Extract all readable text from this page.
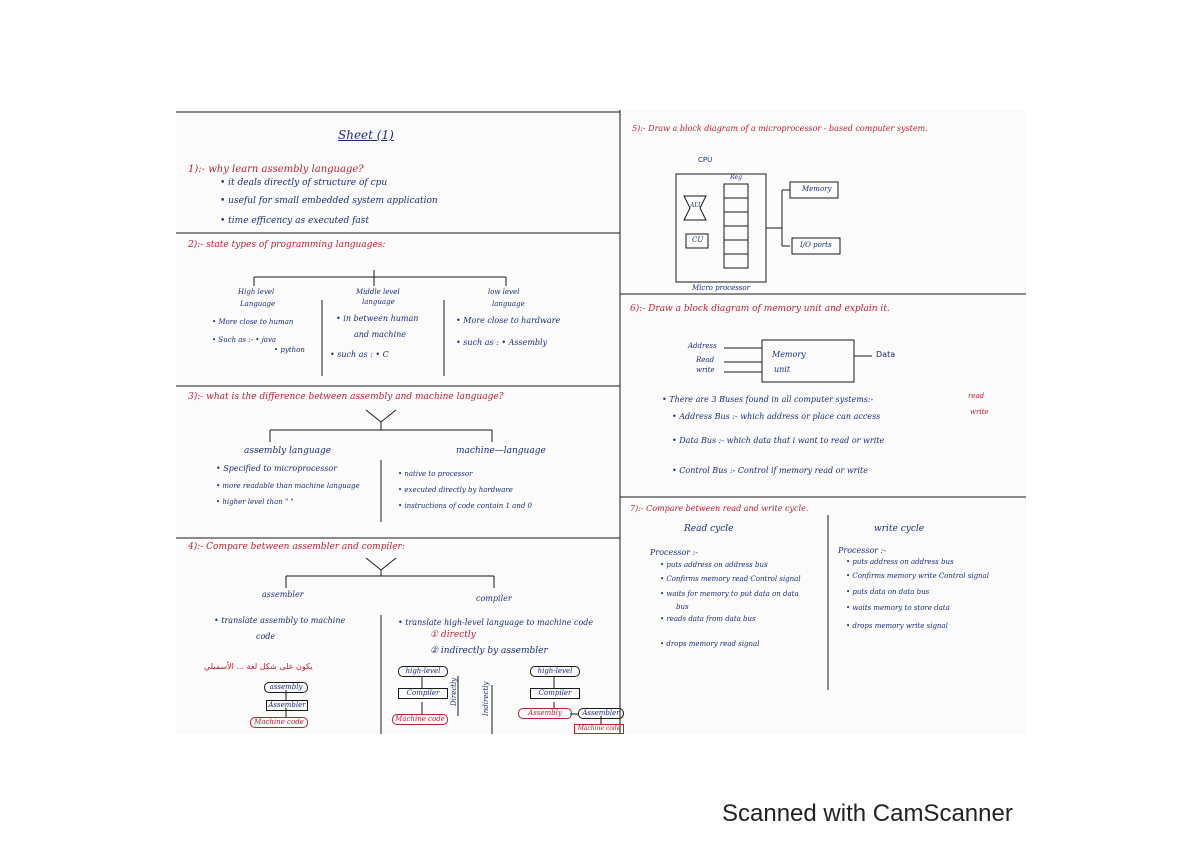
Sheet (1)
1):- why learn assembly language?
• it deals directly of structure of cpu
• useful for small embedded system application
• time efficency as executed fast
2):- state types of programming languages:
High level
Language
• More close to human
• Such as :- • java
• python
Middle level
language
• in between human
and machine
• such as : • C
low level
language
• More close to hardware
• such as : • Assembly
3):- what is the difference between assembly and machine language?
assembly language	machine—language
• Specified to microprocessor
• more readable than machine language
• higher level than " "
• native to processor
• executed directly by hardware
• instructions of code contain 1 and 0
4):- Compare between assembler and compiler:
assembler	compiler
• translate assembly to machine
code
• translate high-level language to machine code
① directly
② indirectly by assembler
يكون على شكل لغة ... الأسمبلي
assembly
Assembler
Machine code
high-level
Compiler
Machine code
Directly	Indirectly
high-level
Compiler
Assembly	Assembler
Machine code
5):- Draw a block diagram of a microprocessor - based computer system.
CPU
Reg
ALU
CU
Memory
I/O ports
Micro processor
6):- Draw a block diagram of memory unit and explain it.
Address
Read
write
Memory
unit
Data
• There are 3 Buses found in all computer systems:-
• Address Bus :- which address or place can access
read
write
• Data Bus :- which data that i want to read or write
• Control Bus :- Control if memory read or write
7):- Compare between read and write cycle.
Read cycle	write cycle
Processor :-
• puts address on address bus
• Confirms memory read Control signal
• waits for memory to put data on data
bus
• reads data from data bus
• drops memory read signal
Processor :-
• puts address on address bus
• Confirms memory write Control signal
• puts data on data bus
• waits memory to store data
• drops memory write signal
Scanned with CamScanner
